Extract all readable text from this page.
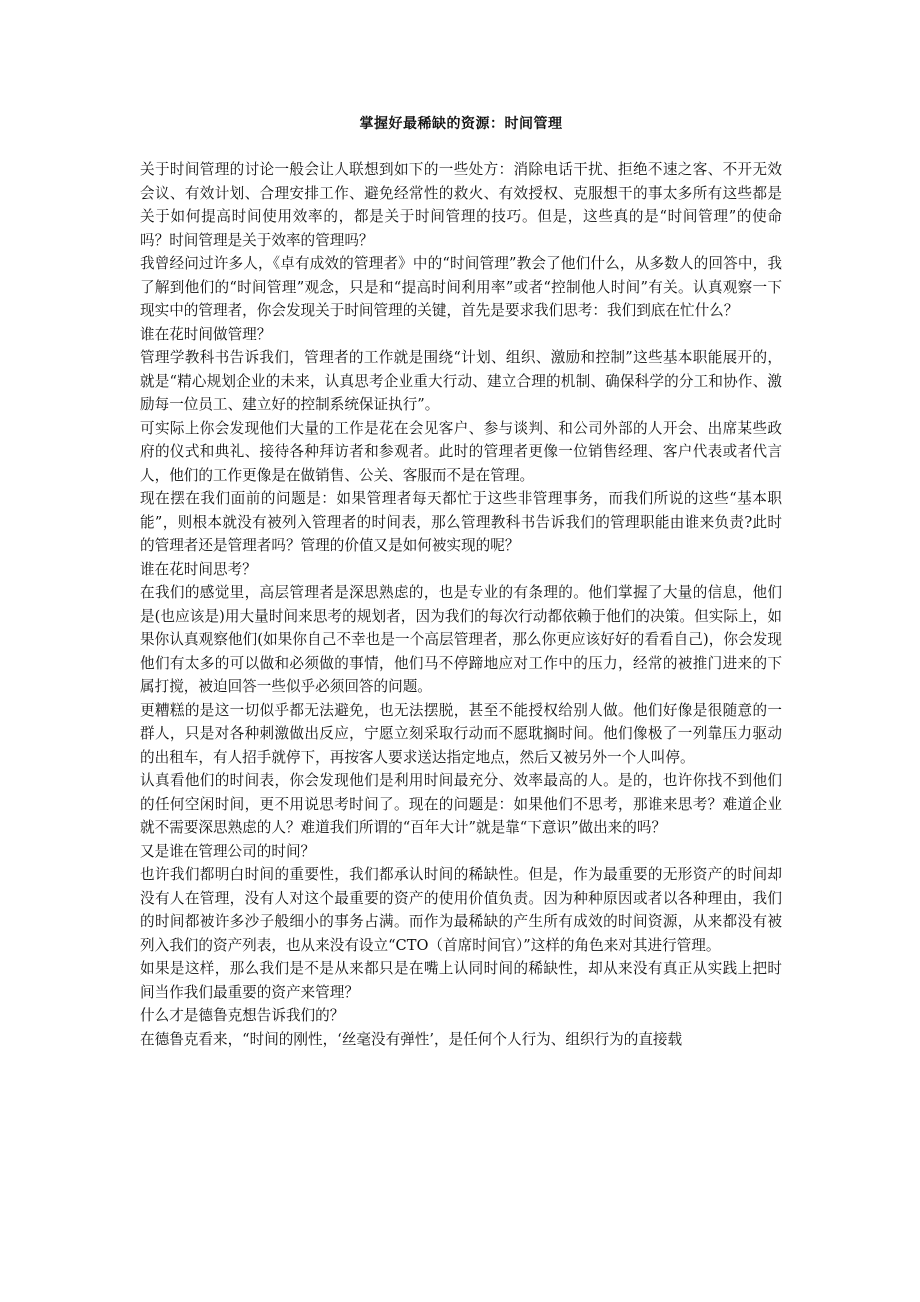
掌握好最稀缺的资源：时间管理

关于时间管理的讨论一般会让人联想到如下的一些处方：消除电话干扰、拒绝不速之客、不开无效会议、有效计划、合理安排工作、避免经常性的救火、有效授权、克服想干的事太多所有这些都是关于如何提高时间使用效率的，都是关于时间管理的技巧。但是，这些真的是“时间管理”的使命吗？时间管理是关于效率的管理吗？

我曾经问过许多人，《卓有成效的管理者》中的“时间管理”教会了他们什么，从多数人的回答中，我了解到他们的“时间管理”观念，只是和“提高时间利用率”或者“控制他人时间”有关。认真观察一下现实中的管理者，你会发现关于时间管理的关键，首先是要求我们思考：我们到底在忙什么？

谁在花时间做管理？

管理学教科书告诉我们，管理者的工作就是围绕“计划、组织、激励和控制”这些基本职能展开的，就是“精心规划企业的未来，认真思考企业重大行动、建立合理的机制、确保科学的分工和协作、激励每一位员工、建立好的控制系统保证执行”。

可实际上你会发现他们大量的工作是花在会见客户、参与谈判、和公司外部的人开会、出席某些政府的仪式和典礼、接待各种拜访者和参观者。此时的管理者更像一位销售经理、客户代表或者代言人，他们的工作更像是在做销售、公关、客服而不是在管理。

现在摆在我们面前的问题是：如果管理者每天都忙于这些非管理事务，而我们所说的这些“基本职能”，则根本就没有被列入管理者的时间表，那么管理教科书告诉我们的管理职能由谁来负责?此时的管理者还是管理者吗？管理的价值又是如何被实现的呢？

谁在花时间思考？

在我们的感觉里，高层管理者是深思熟虑的，也是专业的有条理的。他们掌握了大量的信息，他们是(也应该是)用大量时间来思考的规划者，因为我们的每次行动都依赖于他们的决策。但实际上，如果你认真观察他们(如果你自己不幸也是一个高层管理者，那么你更应该好好的看看自己)，你会发现他们有太多的可以做和必须做的事情，他们马不停蹄地应对工作中的压力，经常的被推门进来的下属打搅，被迫回答一些似乎必须回答的问题。

更糟糕的是这一切似乎都无法避免，也无法摆脱，甚至不能授权给别人做。他们好像是很随意的一群人，只是对各种刺激做出反应，宁愿立刻采取行动而不愿耽搁时间。他们像极了一列靠压力驱动的出租车，有人招手就停下，再按客人要求送达指定地点，然后又被另外一个人叫停。

认真看他们的时间表，你会发现他们是利用时间最充分、效率最高的人。是的，也许你找不到他们的任何空闲时间，更不用说思考时间了。现在的问题是：如果他们不思考，那谁来思考？难道企业就不需要深思熟虑的人？难道我们所谓的“百年大计”就是靠“下意识”做出来的吗？

又是谁在管理公司的时间？

也许我们都明白时间的重要性，我们都承认时间的稀缺性。但是，作为最重要的无形资产的时间却没有人在管理，没有人对这个最重要的资产的使用价值负责。因为种种原因或者以各种理由，我们的时间都被许多沙子般细小的事务占满。而作为最稀缺的产生所有成效的时间资源，从来都没有被列入我们的资产列表，也从来没有设立“CTO（首席时间官）”这样的角色来对其进行管理。

如果是这样，那么我们是不是从来都只是在嘴上认同时间的稀缺性，却从来没有真正从实践上把时间当作我们最重要的资产来管理？

什么才是德鲁克想告诉我们的？

在德鲁克看来，“时间的刚性，‘丝毫没有弹性’，是任何个人行为、组织行为的直接载
